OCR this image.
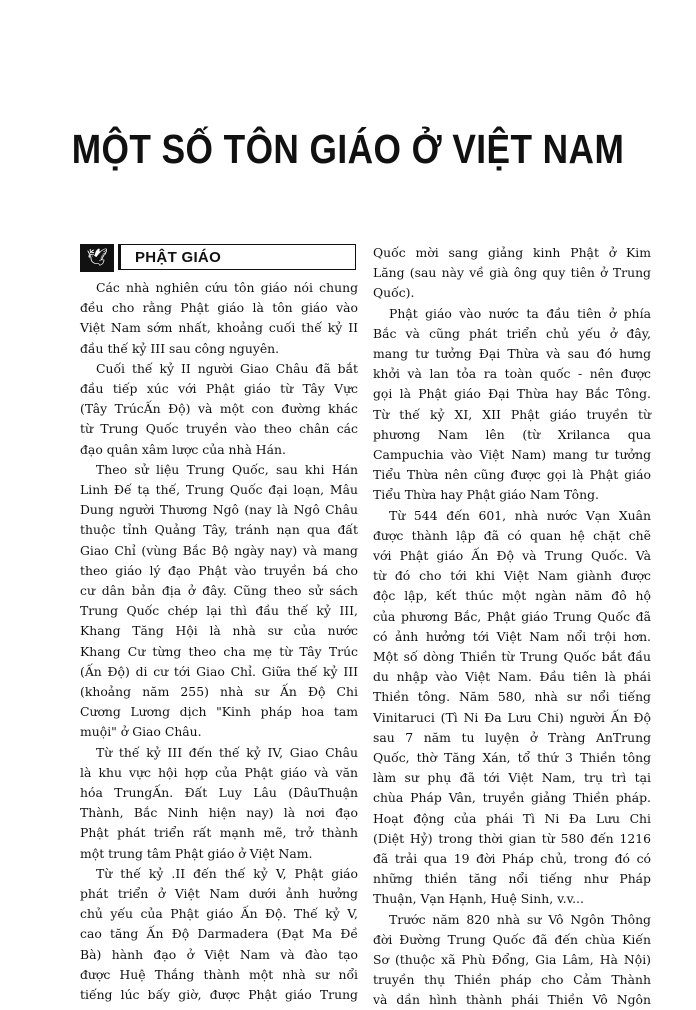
MỘT SỐ TÔN GIÁO Ở VIỆT NAM
🕊	PHẬT GIÁO
Các nhà nghiên cứu tôn giáo nói chung
đều cho rằng Phật giáo là tôn giáo vào
Việt Nam sớm nhất, khoảng cuối thế kỷ II
đầu thế kỷ III sau công nguyên.
Cuối thế kỷ II người Giao Châu đã bắt
đầu tiếp xúc với Phật giáo từ Tây Vực
(Tây TrúcẤn Độ) và một con đường khác
từ Trung Quốc truyền vào theo chân các
đạo quân xâm lược của nhà Hán.
Theo sử liệu Trung Quốc, sau khi Hán
Linh Đế tạ thế, Trung Quốc đại loạn, Mâu
Dung người Thương Ngô (nay là Ngô Châu
thuộc tỉnh Quảng Tây, tránh nạn qua đất
Giao Chỉ (vùng Bắc Bộ ngày nay) và mang
theo giáo lý đạo Phật vào truyền bá cho
cư dân bản địa ở đây. Cũng theo sử sách
Trung Quốc chép lại thì đầu thế kỷ III,
Khang Tăng Hội là nhà sư của nước
Khang Cư từng theo cha mẹ từ Tây Trúc
(Ấn Độ) di cư tới Giao Chỉ. Giữa thế kỷ III
(khoảng năm 255) nhà sư Ấn Độ Chi
Cương Lương dịch "Kinh pháp hoa tam
muội" ở Giao Châu.
Từ thế kỷ III đến thế kỷ IV, Giao Châu
là khu vực hội hợp của Phật giáo và văn
hóa TrungẤn. Đất Luy Lâu (DâuThuận
Thành, Bắc Ninh hiện nay) là nơi đạo
Phật phát triển rất mạnh mẽ, trở thành
một trung tâm Phật giáo ở Việt Nam.
Từ thế kỷ .II đến thế kỷ V, Phật giáo
phát triển ở Việt Nam dưới ảnh hưởng
chủ yếu của Phật giáo Ấn Độ. Thế kỷ V,
cao tăng Ấn Độ Darmadera (Đạt Ma Đề
Bà) hành đạo ở Việt Nam và đào tạo
được Huệ Thắng thành một nhà sư nổi
tiếng lúc bấy giờ, được Phật giáo Trung
Quốc mời sang giảng kinh Phật ở Kim
Lăng (sau này về già ông quy tiên ở Trung
Quốc).
Phật giáo vào nước ta đầu tiên ở phía
Bắc và cũng phát triển chủ yếu ở đây,
mang tư tưởng Đại Thừa và sau đó hưng
khởi và lan tỏa ra toàn quốc - nên được
gọi là Phật giáo Đại Thừa hay Bắc Tông.
Từ thế kỷ XI, XII Phật giáo truyền từ
phương Nam lên (từ Xrilanca qua
Campuchia vào Việt Nam) mang tư tưởng
Tiểu Thừa nên cũng được gọi là Phật giáo
Tiểu Thừa hay Phật giáo Nam Tông.
Từ 544 đến 601, nhà nước Vạn Xuân
được thành lập đã có quan hệ chặt chẽ
với Phật giáo Ấn Độ và Trung Quốc. Và
từ đó cho tới khi Việt Nam giành được
độc lập, kết thúc một ngàn năm đô hộ
của phương Bắc, Phật giáo Trung Quốc đã
có ảnh hưởng tới Việt Nam nổi trội hơn.
Một số dòng Thiền từ Trung Quốc bắt đầu
du nhập vào Việt Nam. Đầu tiên là phái
Thiền tông. Năm 580, nhà sư nổi tiếng
Vinitaruci (Tì Ni Đa Lưu Chi) người Ấn Độ
sau 7 năm tu luyện ở Tràng AnTrung
Quốc, thờ Tăng Xán, tổ thứ 3 Thiền tông
làm sư phụ đã tới Việt Nam, trụ trì tại
chùa Pháp Vân, truyền giảng Thiền pháp.
Hoạt động của phái Tì Ni Đa Lưu Chi
(Diệt Hỷ) trong thời gian từ 580 đến 1216
đã trải qua 19 đời Pháp chủ, trong đó có
những thiền tăng nổi tiếng như Pháp
Thuận, Vạn Hạnh, Huệ Sinh, v.v...
Trước năm 820 nhà sư Vô Ngôn Thông
đời Đường Trung Quốc đã đến chùa Kiến
Sơ (thuộc xã Phù Đổng, Gia Lâm, Hà Nội)
truyền thụ Thiền pháp cho Cảm Thành
và dần hình thành phái Thiền Vô Ngôn
